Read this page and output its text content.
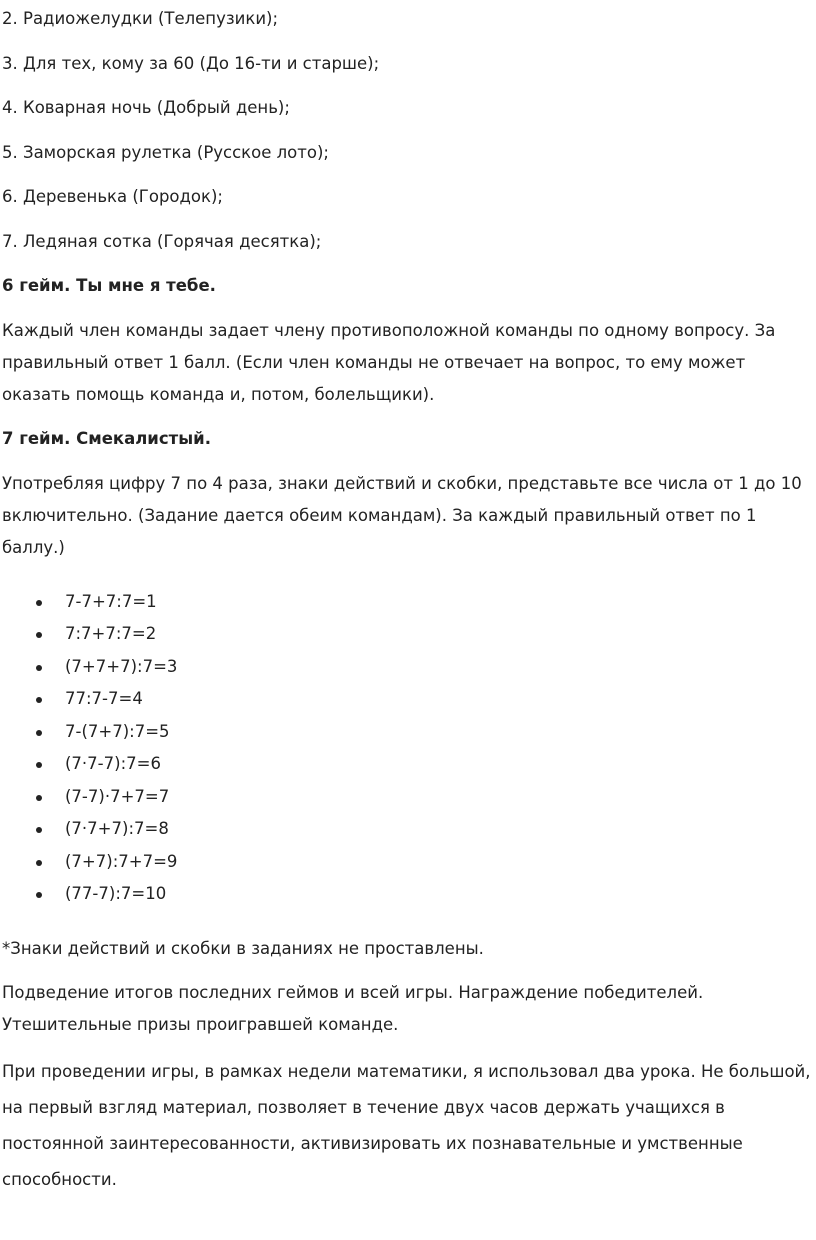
2. Радиожелудки (Телепузики);

3. Для тех, кому за 60 (До 16-ти и старше);

4. Коварная ночь (Добрый день);

5. Заморская рулетка (Русское лото);

6. Деревенька (Городок);

7. Ледяная сотка (Горячая десятка);

6 гейм. Ты мне я тебе.

Каждый член команды задает члену противоположной команды по одному вопросу. За правильный ответ 1 балл. (Если член команды не отвечает на вопрос, то ему может оказать помощь команда и, потом, болельщики).

7 гейм. Смекалистый.

Употребляя цифру 7 по 4 раза, знаки действий и скобки, представьте все числа от 1 до 10 включительно. (Задание дается обеим командам). За каждый правильный ответ по 1 баллу.)

7-7+7:7=1
7:7+7:7=2
(7+7+7):7=3
77:7-7=4
7-(7+7):7=5
(7·7-7):7=6
(7-7)·7+7=7
(7·7+7):7=8
(7+7):7+7=9
(77-7):7=10

*Знаки действий и скобки в заданиях не проставлены.

Подведение итогов последних геймов и всей игры. Награждение победителей. Утешительные призы проигравшей команде.

При проведении игры, в рамках недели математики, я использовал два урока. Не большой, на первый взгляд материал, позволяет в течение двух часов держать учащихся в постоянной заинтересованности, активизировать их познавательные и умственные способности.
